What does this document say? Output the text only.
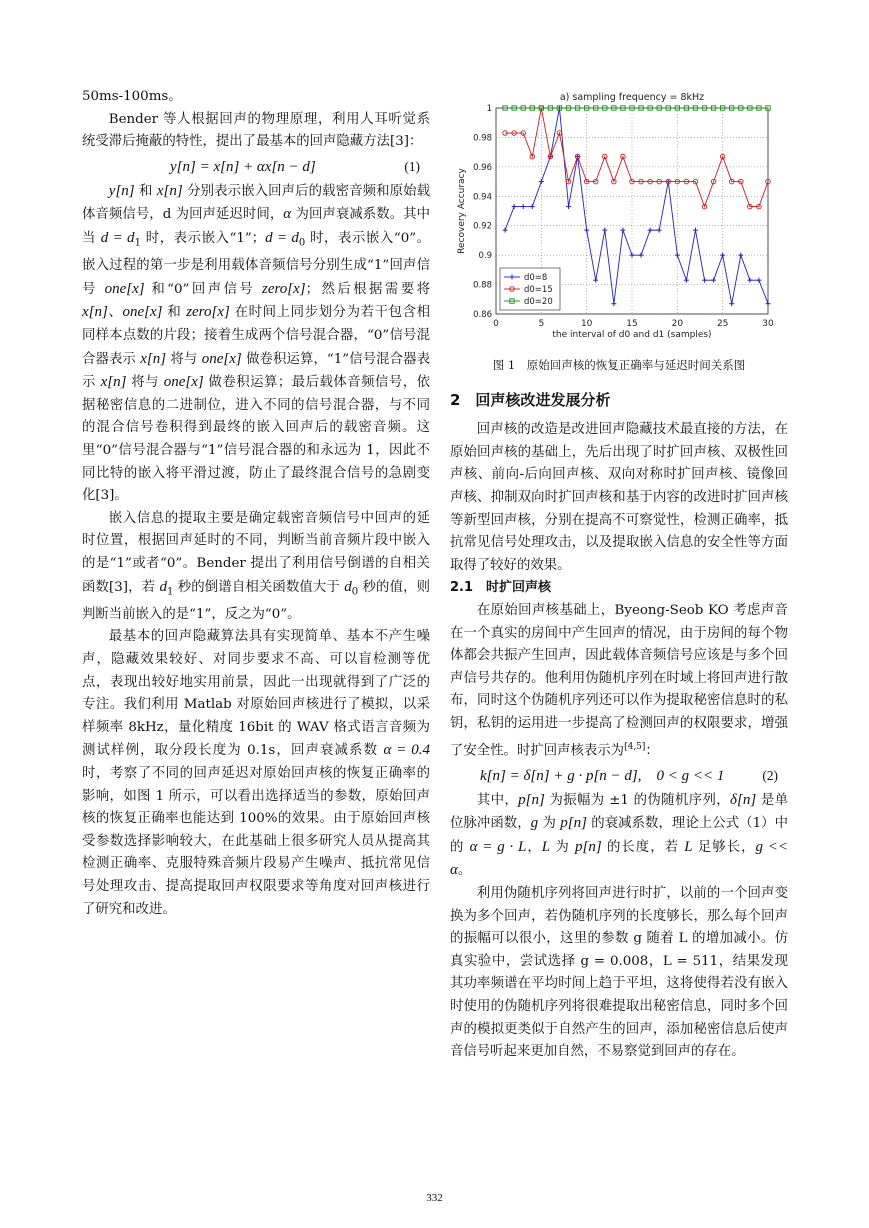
50ms-100ms。

Bender 等人根据回声的物理原理，利用人耳听觉系统受滞后掩蔽的特性，提出了最基本的回声隐藏方法[3]：

y[n] = x[n] + αx[n − d]	(1)

y[n] 和 x[n] 分别表示嵌入回声后的载密音频和原始载体音频信号，d 为回声延迟时间，α 为回声衰减系数。其中当 $d = d_1$ 时，表示嵌入“1”；$d = d_0$ 时，表示嵌入“0”。嵌入过程的第一步是利用载体音频信号分别生成“1”回声信号 one[x] 和“0”回声信号 zero[x]；然后根据需要将 x[n]、one[x] 和 zero[x] 在时间上同步划分为若干包含相同样本点数的片段；接着生成两个信号混合器，“0”信号混合器表示 x[n] 将与 one[x] 做卷积运算，“1”信号混合器表示 x[n] 将与 one[x] 做卷积运算；最后载体音频信号，依据秘密信息的二进制位，进入不同的信号混合器，与不同的混合信号卷积得到最终的嵌入回声后的载密音频。这里“0”信号混合器与“1”信号混合器的和永远为 1，因此不同比特的嵌入将平滑过渡，防止了最终混合信号的急剧变化[3]。

嵌入信息的提取主要是确定载密音频信号中回声的延时位置，根据回声延时的不同，判断当前音频片段中嵌入的是“1”或者“0”。Bender 提出了利用信号倒谱的自相关函数[3]，若 $d_1$ 秒的倒谱自相关函数值大于 $d_0$ 秒的值，则判断当前嵌入的是“1”，反之为“0”。

最基本的回声隐藏算法具有实现简单、基本不产生噪声，隐藏效果较好、对同步要求不高、可以盲检测等优点，表现出较好地实用前景，因此一出现就得到了广泛的专注。我们利用 Matlab 对原始回声核进行了模拟，以采样频率 8kHz，量化精度 16bit 的 WAV 格式语言音频为测试样例，取分段长度为 0.1s，回声衰减系数 α = 0.4 时，考察了不同的回声延迟对原始回声核的恢复正确率的影响，如图 1 所示，可以看出选择适当的参数，原始回声核的恢复正确率也能达到 100%的效果。由于原始回声核受参数选择影响较大，在此基础上很多研究人员从提高其检测正确率、克服特殊音频片段易产生噪声、抵抗常见信号处理攻击、提高提取回声权限要求等角度对回声核进行了研究和改进。

0	5	10	15	20	25	30
0.86
0.88
0.9
0.92
0.94
0.96
0.98
1
a) sampling frequency = 8kHz
the interval of d0 and d1 (samples)
Recovery Accuracy
d0=8
d0=15
d0=20
图 1　原始回声核的恢复正确率与延迟时间关系图
2　回声核改进发展分析

回声核的改造是改进回声隐藏技术最直接的方法，在原始回声核的基础上，先后出现了时扩回声核、双极性回声核、前向-后向回声核、双向对称时扩回声核、镜像回声核、抑制双向时扩回声核和基于内容的改进时扩回声核等新型回声核，分别在提高不可察觉性，检测正确率，抵抗常见信号处理攻击，以及提取嵌入信息的安全性等方面取得了较好的效果。

2.1　时扩回声核

在原始回声核基础上，Byeong-Seob KO 考虑声音在一个真实的房间中产生回声的情况，由于房间的每个物体都会共振产生回声，因此载体音频信号应该是与多个回声信号共存的。他利用伪随机序列在时域上将回声进行散布，同时这个伪随机序列还可以作为提取秘密信息时的私钥，私钥的运用进一步提高了检测回声的权限要求，增强了安全性。时扩回声核表示为[4,5]：

k[n] = δ[n] + g · p[n − d],　0 < g << 1	(2)

其中，p[n] 为振幅为 ±1 的伪随机序列，δ[n] 是单位脉冲函数，g 为 p[n] 的衰减系数，理论上公式（1）中的 α = g · L，L 为 p[n] 的长度，若 L 足够长，g << α。

利用伪随机序列将回声进行时扩，以前的一个回声变换为多个回声，若伪随机序列的长度够长，那么每个回声的振幅可以很小，这里的参数 g 随着 L 的增加减小。仿真实验中，尝试选择 g = 0.008，L = 511，结果发现其功率频谱在平均时间上趋于平坦，这将使得若没有嵌入时使用的伪随机序列将很难提取出秘密信息，同时多个回声的模拟更类似于自然产生的回声，添加秘密信息后使声音信号听起来更加自然，不易察觉到回声的存在。

332
